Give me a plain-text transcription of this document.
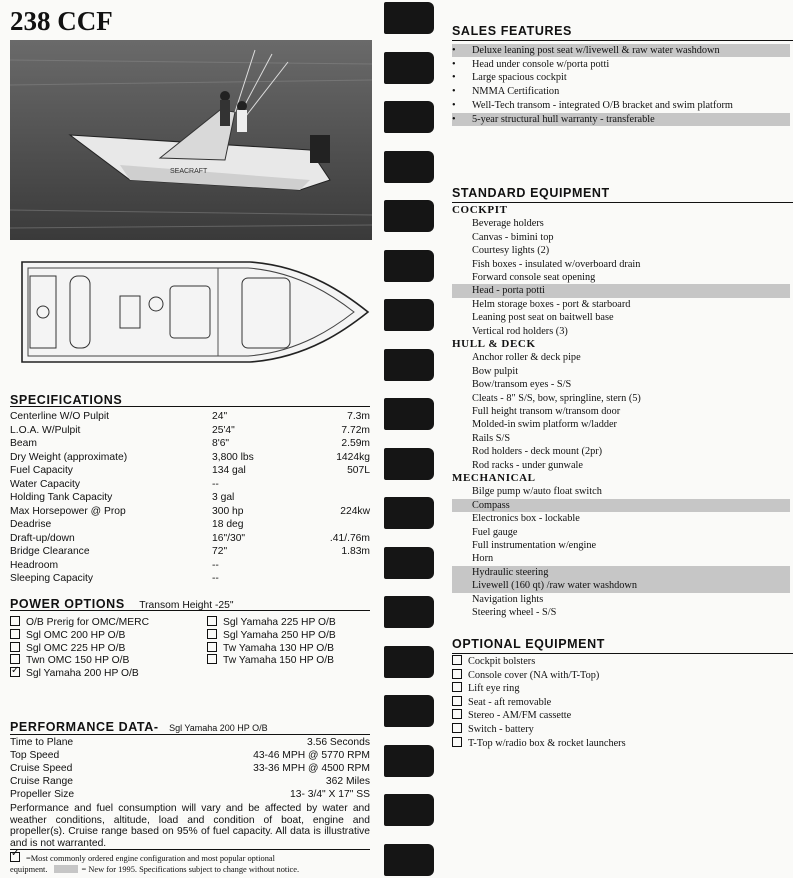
238 CCF
SEACRAFT
SPECIFICATIONS
Centerline W/O Pulpit	24"	7.3m
L.O.A. W/Pulpit	25'4"	7.72m
Beam	8'6"	2.59m
Dry Weight (approximate)	3,800 lbs	1424kg
Fuel Capacity	134 gal	507L
Water Capacity	--
Holding Tank Capacity	3 gal
Max Horsepower @ Prop	300 hp	224kw
Deadrise	18 deg
Draft-up/down	16"/30"	.41/.76m
Bridge Clearance	72"	1.83m
Headroom	--
Sleeping Capacity	--
POWER OPTIONS Transom Height -25"
O/B Prerig for OMC/MERC
Sgl OMC 200 HP O/B
Sgl OMC 225 HP O/B
Twn OMC 150 HP O/B
✓Sgl Yamaha 200 HP O/B
Sgl Yamaha 225 HP O/B
Sgl Yamaha 250 HP O/B
Tw Yamaha 130 HP O/B
Tw Yamaha 150 HP O/B
PERFORMANCE DATA- Sgl Yamaha 200 HP O/B
Time to Plane	3.56 Seconds
Top Speed	43-46 MPH @ 5770 RPM
Cruise Speed	33-36 MPH @ 4500 RPM
Cruise Range	362 Miles
Propeller Size	13- 3/4" X 17" SS
Performance and fuel consumption will vary and be affected by water and weather conditions, altitude, load and condition of boat, engine and propeller(s). Cruise range based on 95% of fuel capacity. All data is illustrative and is not warranted.
✓=Most commonly ordered engine configuration and most popular optional
equipment.	= New for 1995. Specifications subject to change without notice.
SALES FEATURES
• Deluxe leaning post seat w/livewell & raw water washdown
• Head under console w/porta potti
• Large spacious cockpit
• NMMA Certification
• Well-Tech transom - integrated O/B bracket and swim platform
• 5-year structural hull warranty - transferable
STANDARD EQUIPMENT
COCKPIT
Beverage holders
Canvas - bimini top
Courtesy lights (2)
Fish boxes - insulated w/overboard drain
Forward console seat opening
Head - porta potti
Helm storage boxes - port & starboard
Leaning post seat on baitwell base
Vertical rod holders (3)
HULL & DECK
Anchor roller & deck pipe
Bow pulpit
Bow/transom eyes - S/S
Cleats - 8" S/S, bow, springline, stern (5)
Full height transom w/transom door
Molded-in swim platform w/ladder
Rails S/S
Rod holders - deck mount (2pr)
Rod racks - under gunwale
MECHANICAL
Bilge pump w/auto float switch
Compass
Electronics box - lockable
Fuel gauge
Full instrumentation w/engine
Horn
Hydraulic steering
Livewell (160 qt) /raw water washdown
Navigation lights
Steering wheel - S/S
OPTIONAL EQUIPMENT
Cockpit bolsters
Console cover (NA with/T-Top)
Lift eye ring
Seat - aft removable
Stereo - AM/FM cassette
Switch - battery
T-Top w/radio box & rocket launchers
